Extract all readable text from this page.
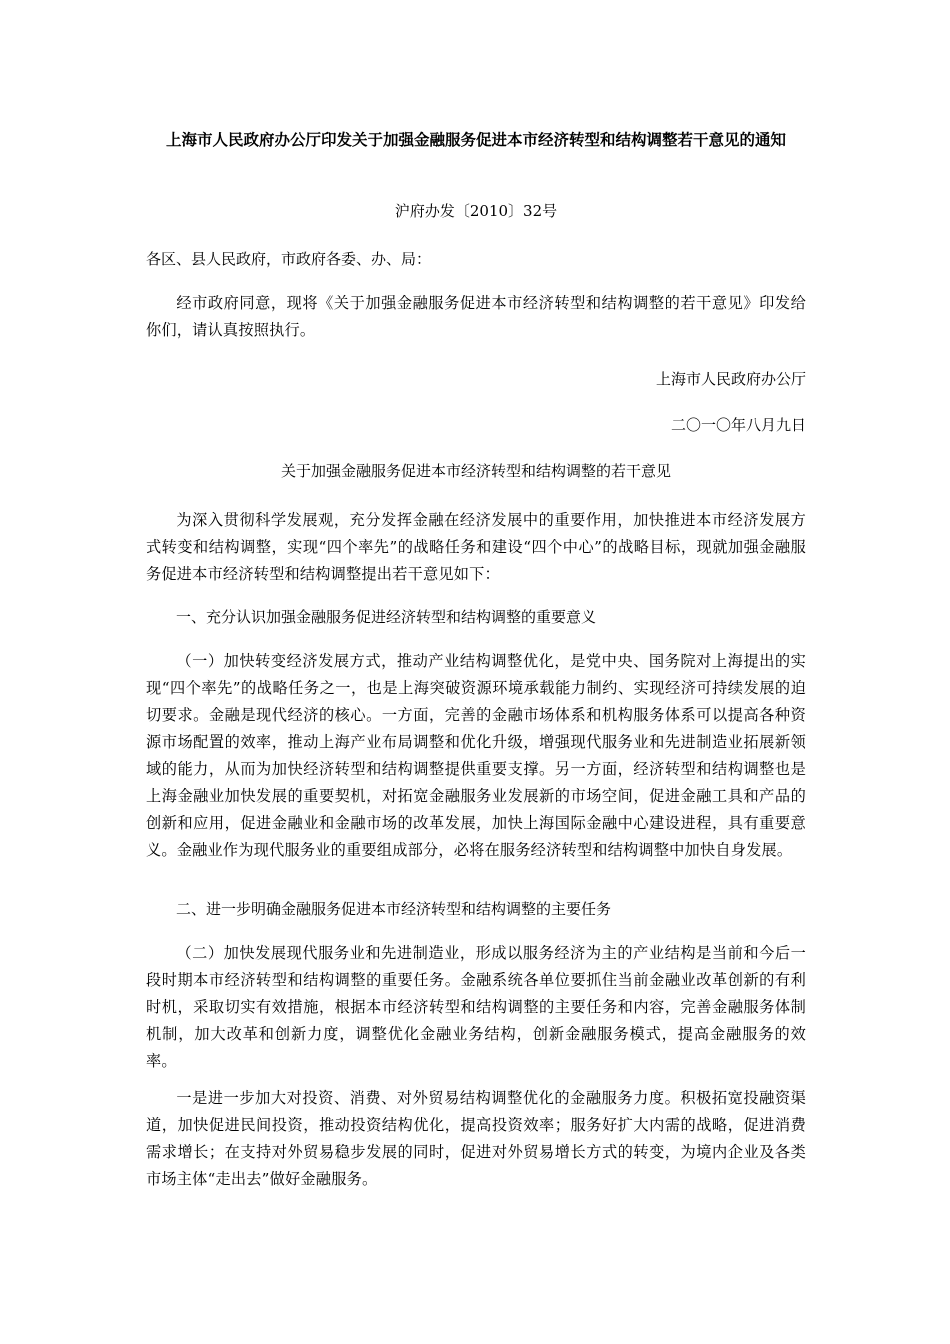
上海市人民政府办公厅印发关于加强金融服务促进本市经济转型和结构调整若干意见的通知
沪府办发〔2010〕32号
各区、县人民政府，市政府各委、办、局：
经市政府同意，现将《关于加强金融服务促进本市经济转型和结构调整的若干意见》印发给你们，请认真按照执行。
上海市人民政府办公厅
二〇一〇年八月九日
关于加强金融服务促进本市经济转型和结构调整的若干意见
为深入贯彻科学发展观，充分发挥金融在经济发展中的重要作用，加快推进本市经济发展方式转变和结构调整，实现“四个率先”的战略任务和建设“四个中心”的战略目标，现就加强金融服务促进本市经济转型和结构调整提出若干意见如下：
一、充分认识加强金融服务促进经济转型和结构调整的重要意义
（一）加快转变经济发展方式，推动产业结构调整优化，是党中央、国务院对上海提出的实现“四个率先”的战略任务之一，也是上海突破资源环境承载能力制约、实现经济可持续发展的迫切要求。金融是现代经济的核心。一方面，完善的金融市场体系和机构服务体系可以提高各种资源市场配置的效率，推动上海产业布局调整和优化升级，增强现代服务业和先进制造业拓展新领域的能力，从而为加快经济转型和结构调整提供重要支撑。另一方面，经济转型和结构调整也是上海金融业加快发展的重要契机，对拓宽金融服务业发展新的市场空间，促进金融工具和产品的创新和应用，促进金融业和金融市场的改革发展，加快上海国际金融中心建设进程，具有重要意义。金融业作为现代服务业的重要组成部分，必将在服务经济转型和结构调整中加快自身发展。
二、进一步明确金融服务促进本市经济转型和结构调整的主要任务
（二）加快发展现代服务业和先进制造业，形成以服务经济为主的产业结构是当前和今后一段时期本市经济转型和结构调整的重要任务。金融系统各单位要抓住当前金融业改革创新的有利时机，采取切实有效措施，根据本市经济转型和结构调整的主要任务和内容，完善金融服务体制机制，加大改革和创新力度，调整优化金融业务结构，创新金融服务模式，提高金融服务的效率。
一是进一步加大对投资、消费、对外贸易结构调整优化的金融服务力度。积极拓宽投融资渠道，加快促进民间投资，推动投资结构优化，提高投资效率；服务好扩大内需的战略，促进消费需求增长；在支持对外贸易稳步发展的同时，促进对外贸易增长方式的转变，为境内企业及各类市场主体“走出去”做好金融服务。
